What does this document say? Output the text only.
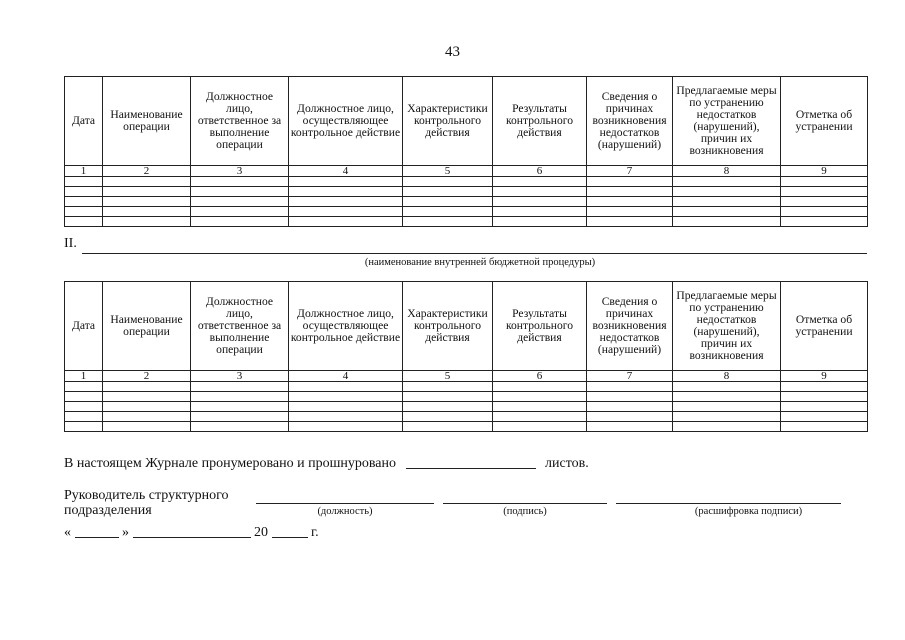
43
Дата	Наименование операции	Должностное лицо, ответственное за выполнение операции	Должностное лицо, осуществляющее контрольное действие	Характеристики контрольного действия	Результаты контрольного действия	Сведения о причинах возникновения недостатков (нарушений)	Предлагаемые меры по устранению недостатков (нарушений), причин их возникновения	Отметка об устранении
1	2	3	4	5	6	7	8	9

II.
(наименование внутренней бюджетной процедуры)
Дата	Наименование операции	Должностное лицо, ответственное за выполнение операции	Должностное лицо, осуществляющее контрольное действие	Характеристики контрольного действия	Результаты контрольного действия	Сведения о причинах возникновения недостатков (нарушений)	Предлагаемые меры по устранению недостатков (нарушений), причин их возникновения	Отметка об устранении
1	2	3	4	5	6	7	8	9

В настоящем Журнале пронумеровано и прошнуровано	листов.
Руководитель структурного подразделения	(должность)	(подпись)	(расшифровка подписи)
«	»	20	г.
